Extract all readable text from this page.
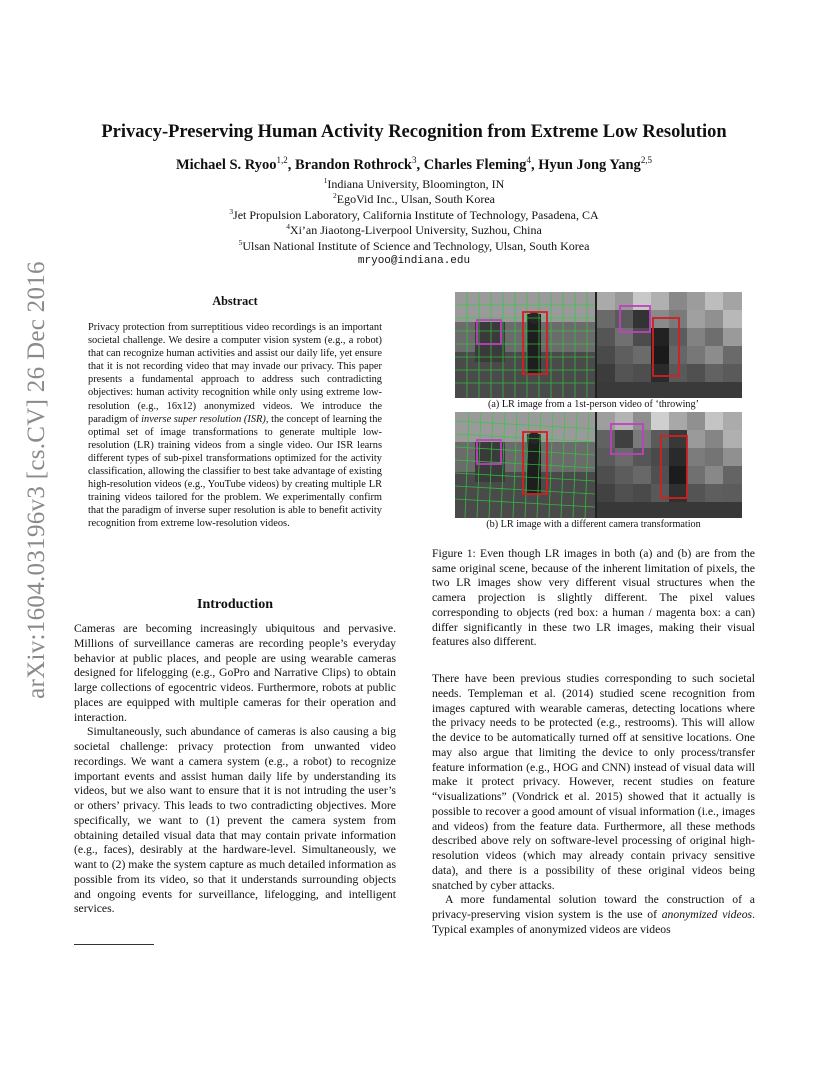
arXiv:1604.03196v3 [cs.CV] 26 Dec 2016
Privacy-Preserving Human Activity Recognition from Extreme Low Resolution
Michael S. Ryoo$^{1,2}$, Brandon Rothrock$^3$, Charles Fleming$^4$, Hyun Jong Yang$^{2,5}$
$^1$Indiana University, Bloomington, IN
$^2$EgoVid Inc., Ulsan, South Korea
$^3$Jet Propulsion Laboratory, California Institute of Technology, Pasadena, CA
$^4$Xi’an Jiaotong-Liverpool University, Suzhou, China
$^5$Ulsan National Institute of Science and Technology, Ulsan, South Korea
mryoo@indiana.edu
Abstract
Privacy protection from surreptitious video recordings is an important societal challenge. We desire a computer vision system (e.g., a robot) that can recognize human activities and assist our daily life, yet ensure that it is not recording video that may invade our privacy. This paper presents a fundamental approach to address such contradicting objectives: human activity recognition while only using extreme low-resolution (e.g., 16x12) anonymized videos. We introduce the paradigm of inverse super resolution (ISR), the concept of learning the optimal set of image transformations to generate multiple low-resolution (LR) training videos from a single video. Our ISR learns different types of sub-pixel transformations optimized for the activity classification, allowing the classifier to best take advantage of existing high-resolution videos (e.g., YouTube videos) by creating multiple LR training videos tailored for the problem. We experimentally confirm that the paradigm of inverse super resolution is able to benefit activity recognition from extreme low-resolution videos.
Introduction

Cameras are becoming increasingly ubiquitous and pervasive. Millions of surveillance cameras are recording people’s everyday behavior at public places, and people are using wearable cameras designed for lifelogging (e.g., GoPro and Narrative Clips) to obtain large collections of egocentric videos. Furthermore, robots at public places are equipped with multiple cameras for their operation and interaction.

Simultaneously, such abundance of cameras is also causing a big societal challenge: privacy protection from unwanted video recordings. We want a camera system (e.g., a robot) to recognize important events and assist human daily life by understanding its videos, but we also want to ensure that it is not intruding the user’s or others’ privacy. This leads to two contradicting objectives. More specifically, we want to (1) prevent the camera system from obtaining detailed visual data that may contain private information (e.g., faces), desirably at the hardware-level. Simultaneously, we want to (2) make the system capture as much detailed information as possible from its video, so that it understands surrounding objects and ongoing events for surveillance, lifelogging, and intelligent services.

(a) LR image from a 1st-person video of ‘throwing’
(b) LR image with a different camera transformation
Figure 1: Even though LR images in both (a) and (b) are from the same original scene, because of the inherent limitation of pixels, the two LR images show very different visual structures when the camera projection is slightly different. The pixel values corresponding to objects (red box: a human / magenta box: a can) differ significantly in these two LR images, making their visual features also different.

There have been previous studies corresponding to such societal needs. Templeman et al. (2014) studied scene recognition from images captured with wearable cameras, detecting locations where the privacy needs to be protected (e.g., restrooms). This will allow the device to be automatically turned off at sensitive locations. One may also argue that limiting the device to only process/transfer feature information (e.g., HOG and CNN) instead of visual data will make it protect privacy. However, recent studies on feature “visualizations” (Vondrick et al. 2015) showed that it actually is possible to recover a good amount of visual information (i.e., images and videos) from the feature data. Furthermore, all these methods described above rely on software-level processing of original high-resolution videos (which may already contain privacy sensitive data), and there is a possibility of these original videos being snatched by cyber attacks.

A more fundamental solution toward the construction of a privacy-preserving vision system is the use of anonymized videos. Typical examples of anonymized videos are videos
